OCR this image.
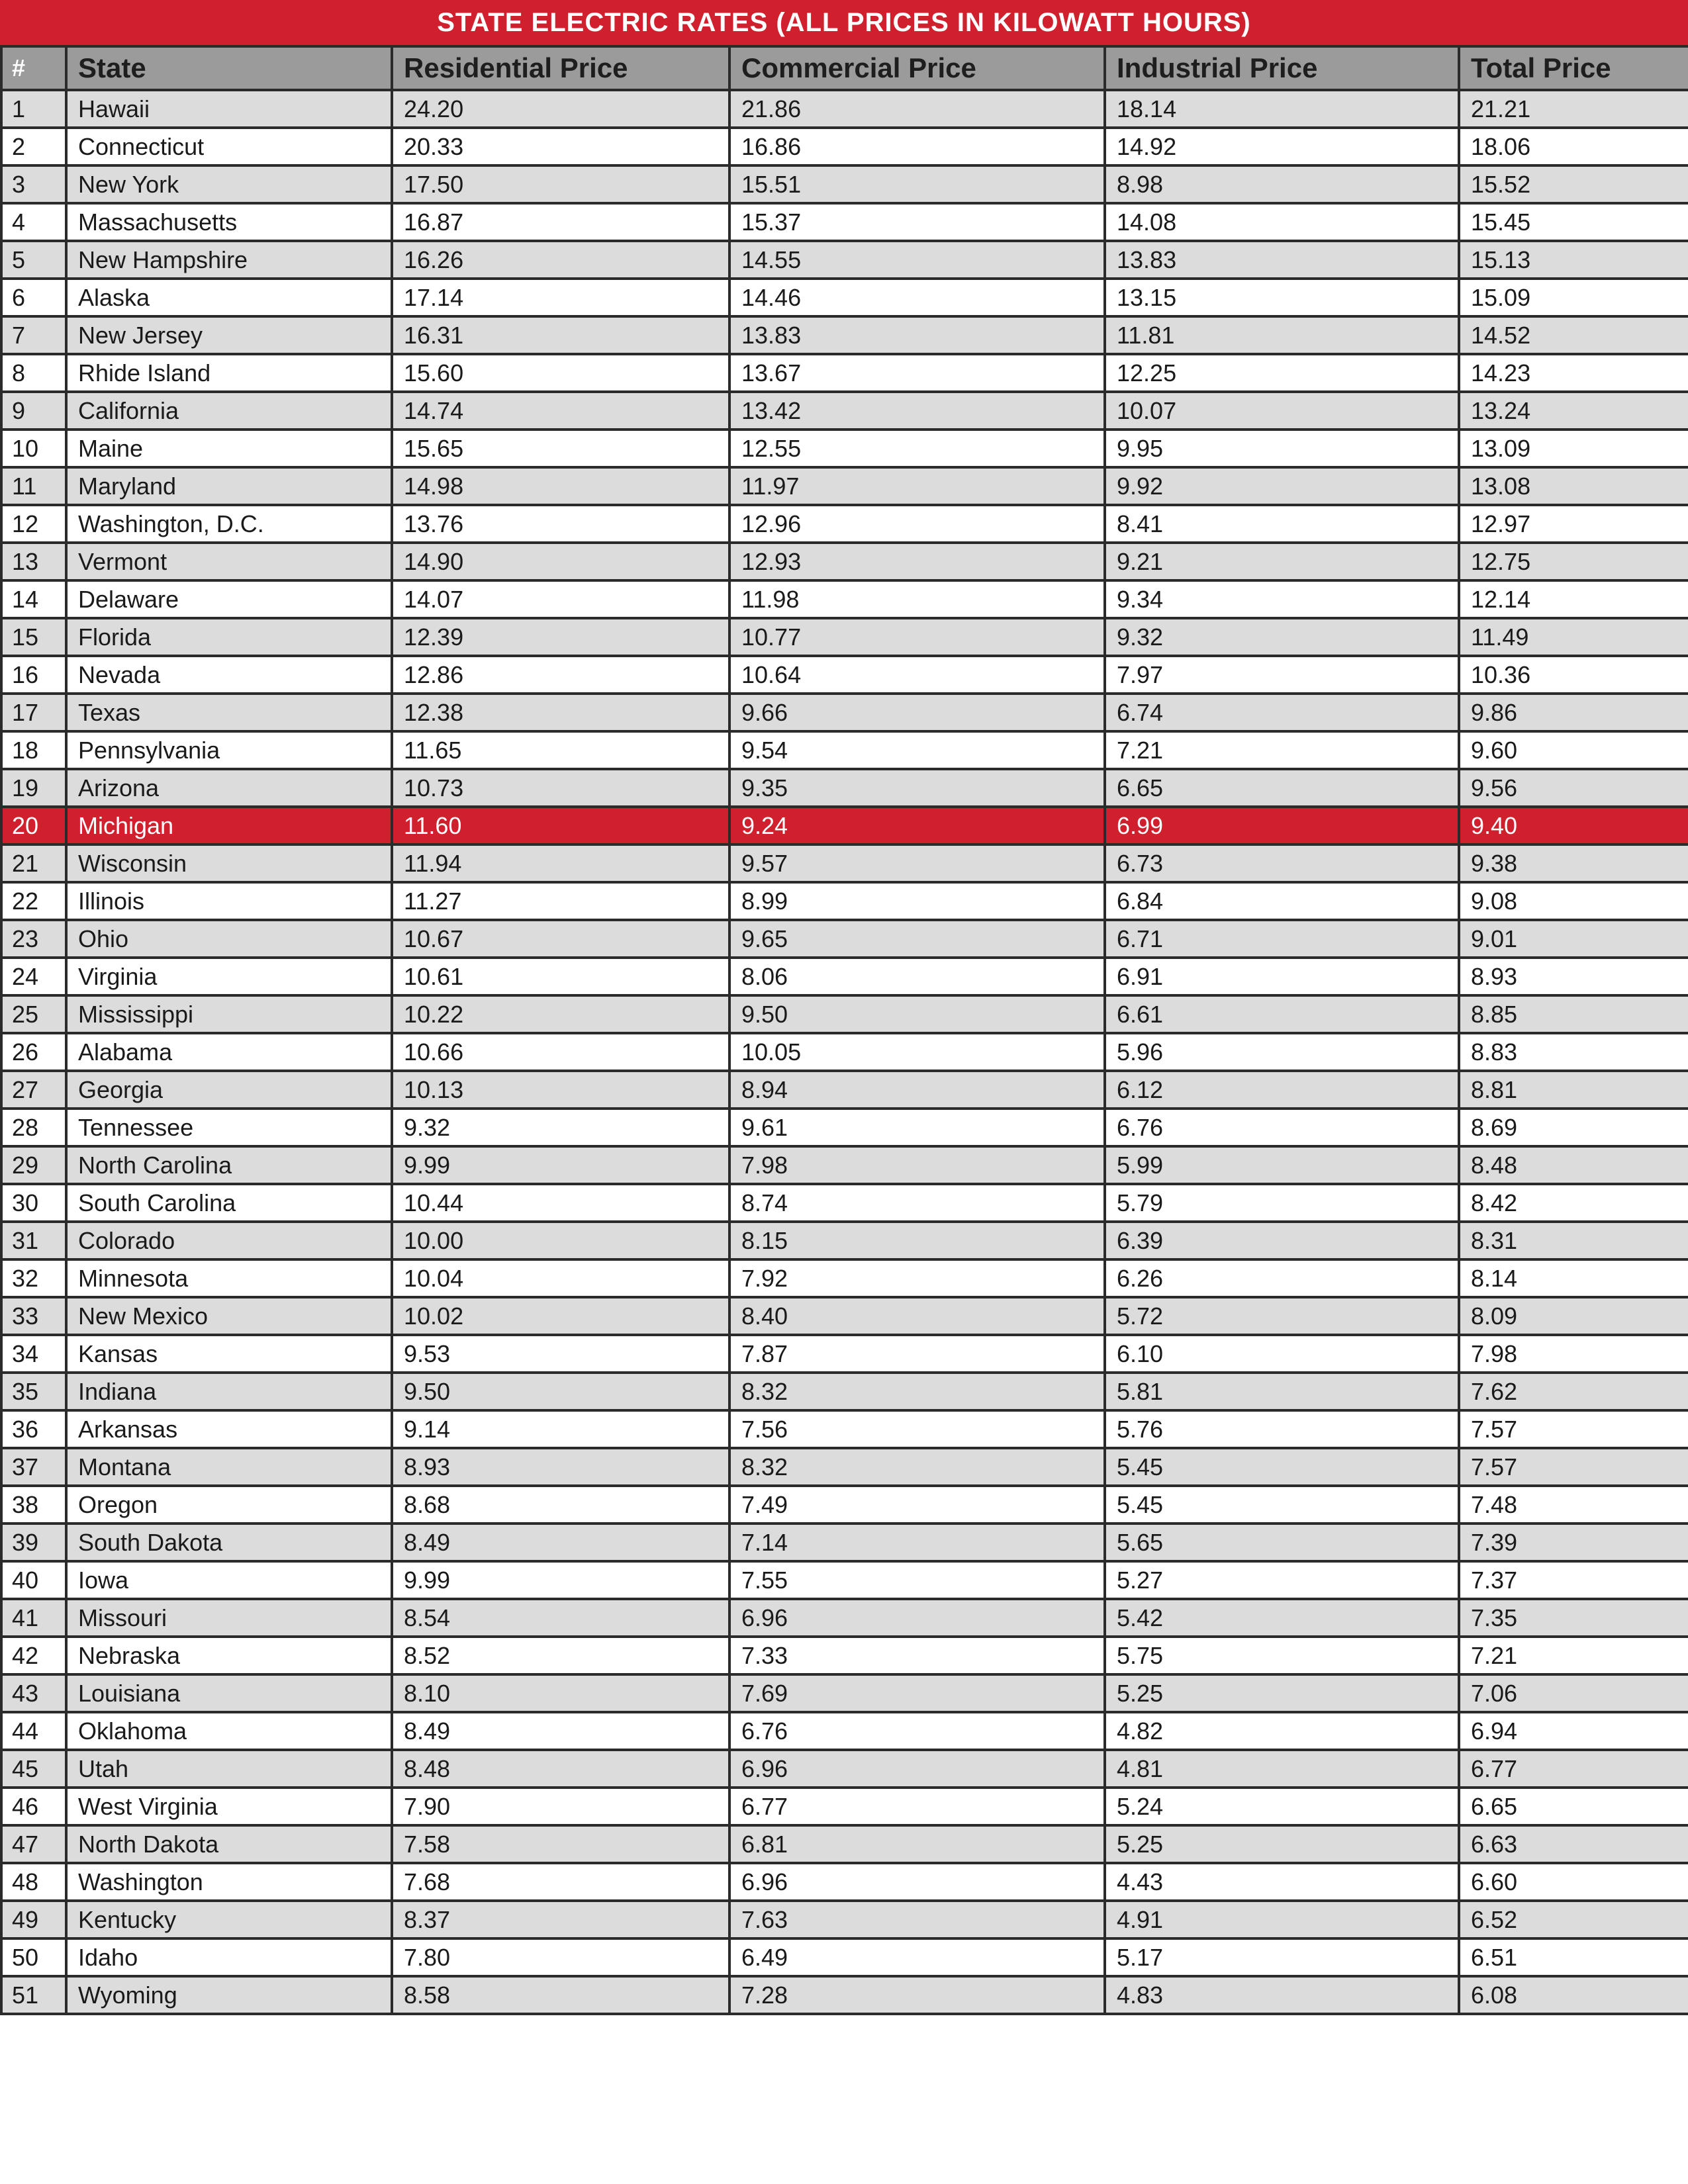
STATE ELECTRIC RATES (ALL PRICES IN KILOWATT HOURS)
#	State	Residential Price	Commercial Price	Industrial Price	Total Price
1	Hawaii	24.20	21.86	18.14	21.21
2	Connecticut	20.33	16.86	14.92	18.06
3	New York	17.50	15.51	8.98	15.52
4	Massachusetts	16.87	15.37	14.08	15.45
5	New Hampshire	16.26	14.55	13.83	15.13
6	Alaska	17.14	14.46	13.15	15.09
7	New Jersey	16.31	13.83	11.81	14.52
8	Rhide Island	15.60	13.67	12.25	14.23
9	California	14.74	13.42	10.07	13.24
10	Maine	15.65	12.55	9.95	13.09
11	Maryland	14.98	11.97	9.92	13.08
12	Washington, D.C.	13.76	12.96	8.41	12.97
13	Vermont	14.90	12.93	9.21	12.75
14	Delaware	14.07	11.98	9.34	12.14
15	Florida	12.39	10.77	9.32	11.49
16	Nevada	12.86	10.64	7.97	10.36
17	Texas	12.38	9.66	6.74	9.86
18	Pennsylvania	11.65	9.54	7.21	9.60
19	Arizona	10.73	9.35	6.65	9.56
20	Michigan	11.60	9.24	6.99	9.40
21	Wisconsin	11.94	9.57	6.73	9.38
22	Illinois	11.27	8.99	6.84	9.08
23	Ohio	10.67	9.65	6.71	9.01
24	Virginia	10.61	8.06	6.91	8.93
25	Mississippi	10.22	9.50	6.61	8.85
26	Alabama	10.66	10.05	5.96	8.83
27	Georgia	10.13	8.94	6.12	8.81
28	Tennessee	9.32	9.61	6.76	8.69
29	North Carolina	9.99	7.98	5.99	8.48
30	South Carolina	10.44	8.74	5.79	8.42
31	Colorado	10.00	8.15	6.39	8.31
32	Minnesota	10.04	7.92	6.26	8.14
33	New Mexico	10.02	8.40	5.72	8.09
34	Kansas	9.53	7.87	6.10	7.98
35	Indiana	9.50	8.32	5.81	7.62
36	Arkansas	9.14	7.56	5.76	7.57
37	Montana	8.93	8.32	5.45	7.57
38	Oregon	8.68	7.49	5.45	7.48
39	South Dakota	8.49	7.14	5.65	7.39
40	Iowa	9.99	7.55	5.27	7.37
41	Missouri	8.54	6.96	5.42	7.35
42	Nebraska	8.52	7.33	5.75	7.21
43	Louisiana	8.10	7.69	5.25	7.06
44	Oklahoma	8.49	6.76	4.82	6.94
45	Utah	8.48	6.96	4.81	6.77
46	West Virginia	7.90	6.77	5.24	6.65
47	North Dakota	7.58	6.81	5.25	6.63
48	Washington	7.68	6.96	4.43	6.60
49	Kentucky	8.37	7.63	4.91	6.52
50	Idaho	7.80	6.49	5.17	6.51
51	Wyoming	8.58	7.28	4.83	6.08
